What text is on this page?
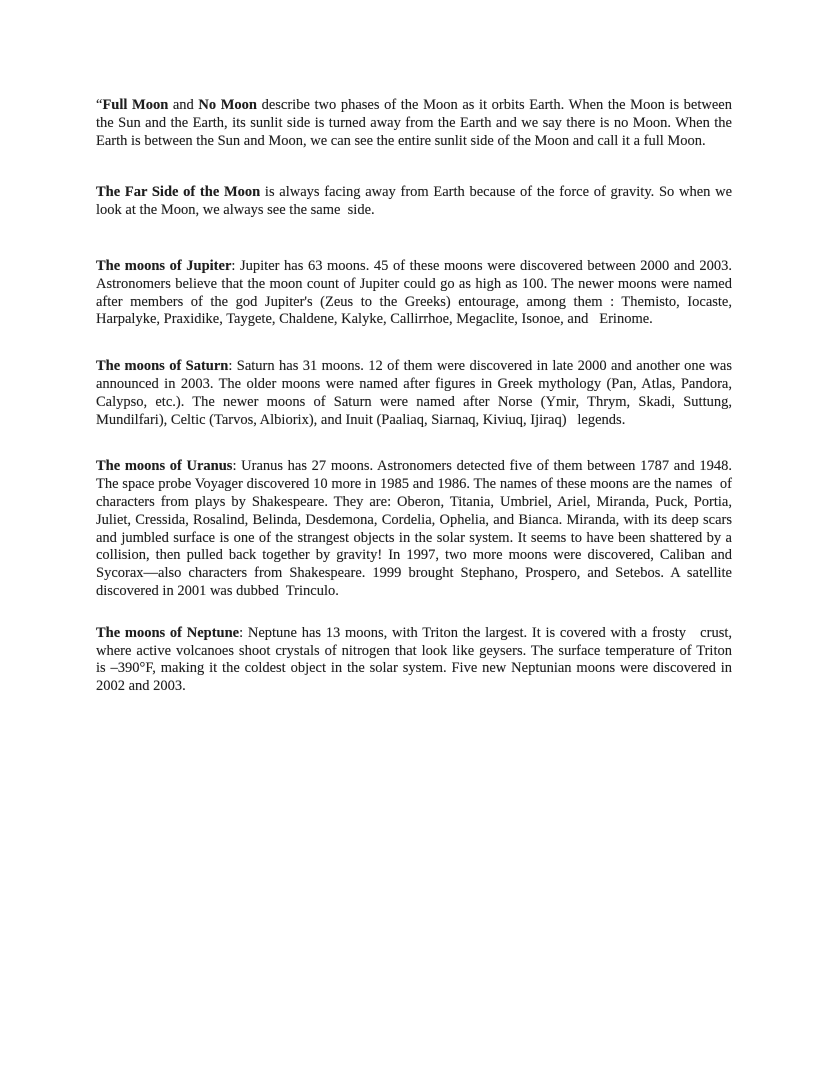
“Full Moon and No Moon describe two phases of the Moon as it orbits Earth. When the Moon is between the Sun and the Earth, its sunlit side is turned away from the Earth and we say there is no Moon. When the Earth is between the Sun and Moon, we can see the entire sunlit side of the Moon and call it a full Moon.

The Far Side of the Moon is always facing away from Earth because of the force of gravity. So when we look at the Moon, we always see the same  side.

The moons of Jupiter: Jupiter has 63 moons. 45 of these moons were discovered between 2000 and 2003. Astronomers believe that the moon count of Jupiter could go as high as 100. The newer moons were named after members of the god Jupiter's (Zeus to the Greeks) entourage, among them : Themisto, Iocaste, Harpalyke, Praxidike, Taygete, Chaldene, Kalyke, Callirrhoe, Megaclite, Isonoe, and   Erinome.

The moons of Saturn: Saturn has 31 moons. 12 of them were discovered in late 2000 and another one was announced in 2003. The older moons were named after figures in Greek mythology (Pan, Atlas, Pandora, Calypso, etc.). The newer moons of Saturn were named after Norse (Ymir, Thrym, Skadi, Suttung, Mundilfari), Celtic (Tarvos, Albiorix), and Inuit (Paaliaq, Siarnaq, Kiviuq, Ijiraq)   legends.

The moons of Uranus: Uranus has 27 moons. Astronomers detected five of them between 1787 and 1948. The space probe Voyager discovered 10 more in 1985 and 1986. The names of these moons are the names  of characters from plays by Shakespeare. They are: Oberon, Titania, Umbriel, Ariel, Miranda, Puck, Portia,    Juliet, Cressida, Rosalind, Belinda, Desdemona, Cordelia, Ophelia, and Bianca. Miranda, with its deep scars      and jumbled surface is one of the strangest objects in the solar system. It seems to have been shattered by a collision, then pulled back together by gravity! In 1997, two more moons were discovered, Caliban and Sycorax—also characters from Shakespeare. 1999 brought Stephano, Prospero, and Setebos. A satellite  discovered in 2001 was dubbed  Trinculo.

The moons of Neptune: Neptune has 13 moons, with Triton the largest. It is covered with a frosty   crust, where active volcanoes shoot crystals of nitrogen that look like geysers. The surface temperature of Triton   is –390°F, making it the coldest object in the solar system. Five new Neptunian moons were discovered in 2002 and 2003.
